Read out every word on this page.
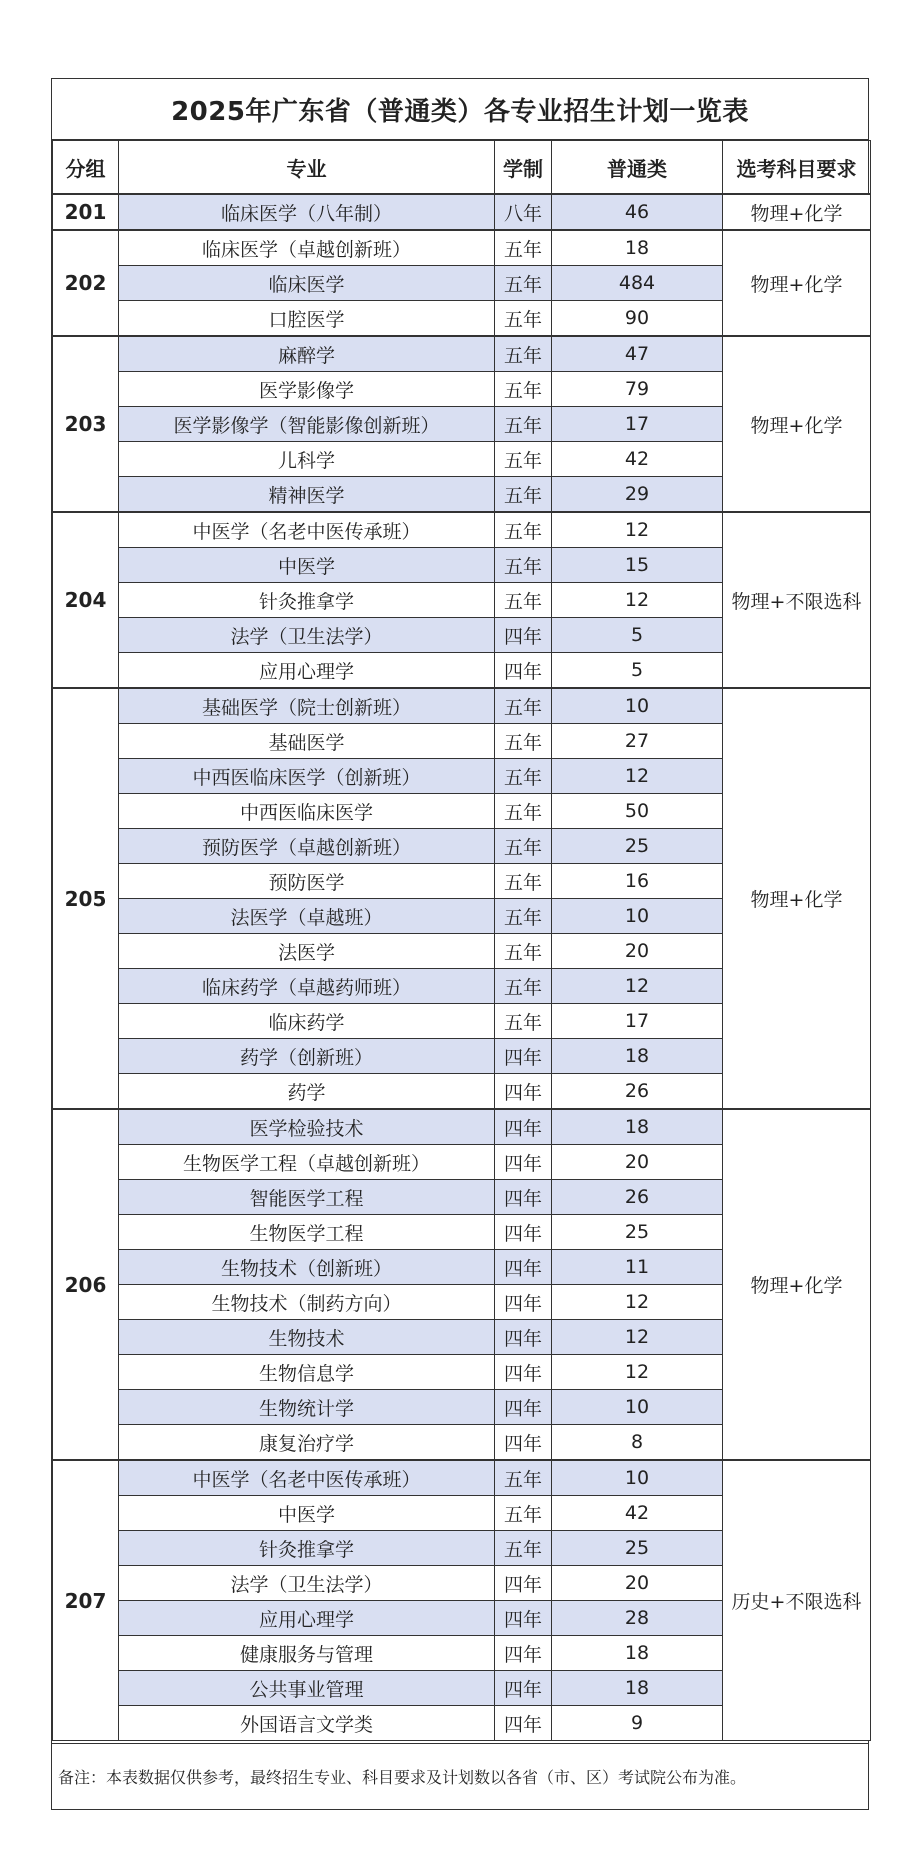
2025年广东省（普通类）各专业招生计划一览表
分组	专业	学制	普通类	选考科目要求
201	临床医学（八年制）	八年	46	物理+化学
202	临床医学（卓越创新班）	五年	18	物理+化学
	临床医学	五年	484	
	口腔医学	五年	90	
203	麻醉学	五年	47	物理+化学
	医学影像学	五年	79	
	医学影像学（智能影像创新班）	五年	17	
	儿科学	五年	42	
	精神医学	五年	29	
204	中医学（名老中医传承班）	五年	12	物理+不限选科
	中医学	五年	15	
	针灸推拿学	五年	12	
	法学（卫生法学）	四年	5	
	应用心理学	四年	5	
205	基础医学（院士创新班）	五年	10	物理+化学
	基础医学	五年	27	
	中西医临床医学（创新班）	五年	12	
	中西医临床医学	五年	50	
	预防医学（卓越创新班）	五年	25	
	预防医学	五年	16	
	法医学（卓越班）	五年	10	
	法医学	五年	20	
	临床药学（卓越药师班）	五年	12	
	临床药学	五年	17	
	药学（创新班）	四年	18	
	药学	四年	26	
206	医学检验技术	四年	18	物理+化学
	生物医学工程（卓越创新班）	四年	20	
	智能医学工程	四年	26	
	生物医学工程	四年	25	
	生物技术（创新班）	四年	11	
	生物技术（制药方向）	四年	12	
	生物技术	四年	12	
	生物信息学	四年	12	
	生物统计学	四年	10	
	康复治疗学	四年	8	
207	中医学（名老中医传承班）	五年	10	历史+不限选科
	中医学	五年	42	
	针灸推拿学	五年	25	
	法学（卫生法学）	四年	20	
	应用心理学	四年	28	
	健康服务与管理	四年	18	
	公共事业管理	四年	18	
	外国语言文学类	四年	9	
备注：本表数据仅供参考，最终招生专业、科目要求及计划数以各省（市、区）考试院公布为准。
